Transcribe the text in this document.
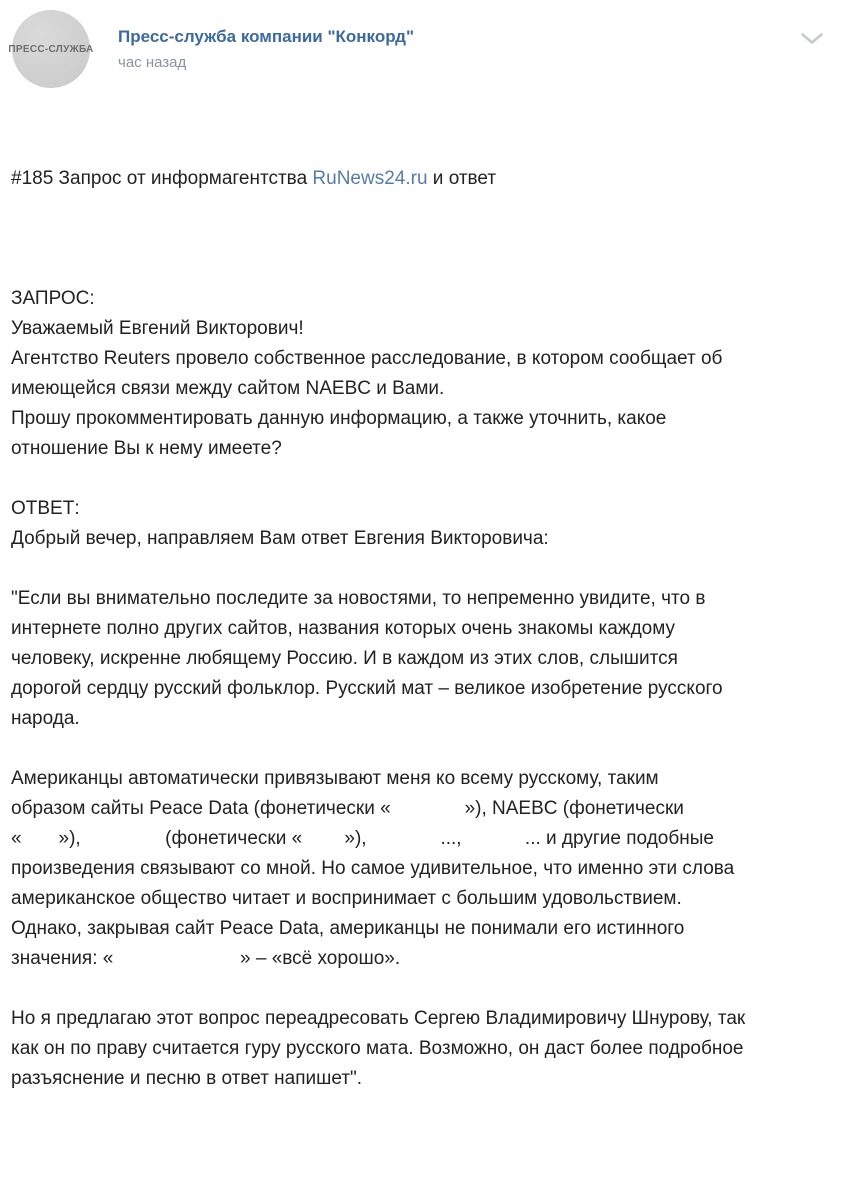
ПРЕСС-СЛУЖБА
Пресс-служба компании "Конкорд"
час назад

#185 Запрос от информагентства RuNews24.ru и ответ

ЗАПРОС:
Уважаемый Евгений Викторович!
Агентство Reuters провело собственное расследование, в котором сообщает об
имеющейся связи между сайтом NAEBC и Вами.
Прошу прокомментировать данную информацию, а также уточнить, какое
отношение Вы к нему имеете?
ОТВЕТ:
Добрый вечер, направляем Вам ответ Евгения Викторовича:
"Если вы внимательно последите за новостями, то непременно увидите, что в
интернете полно других сайтов, названия которых очень знакомы каждому
человеку, искренне любящему Россию. И в каждом из этих слов, слышится
дорогой сердцу русский фольклор. Русский мат – великое изобретение русского
народа.
Американцы автоматически привязывают меня ко всему русскому, таким
образом сайты Peace Data (фонетически «              »), NAEBC (фонетически
«       »),                (фонетически «        »),              ...,            ... и другие подобные
произведения связывают со мной. Но самое удивительное, что именно эти слова
американское общество читает и воспринимает с большим удовольствием.
Однако, закрывая сайт Peace Data, американцы не понимали его истинного
значения: «                        » – «всё хорошо».
Но я предлагаю этот вопрос переадресовать Сергею Владимировичу Шнурову, так
как он по праву считается гуру русского мата. Возможно, он даст более подробное
разъяснение и песню в ответ напишет".
